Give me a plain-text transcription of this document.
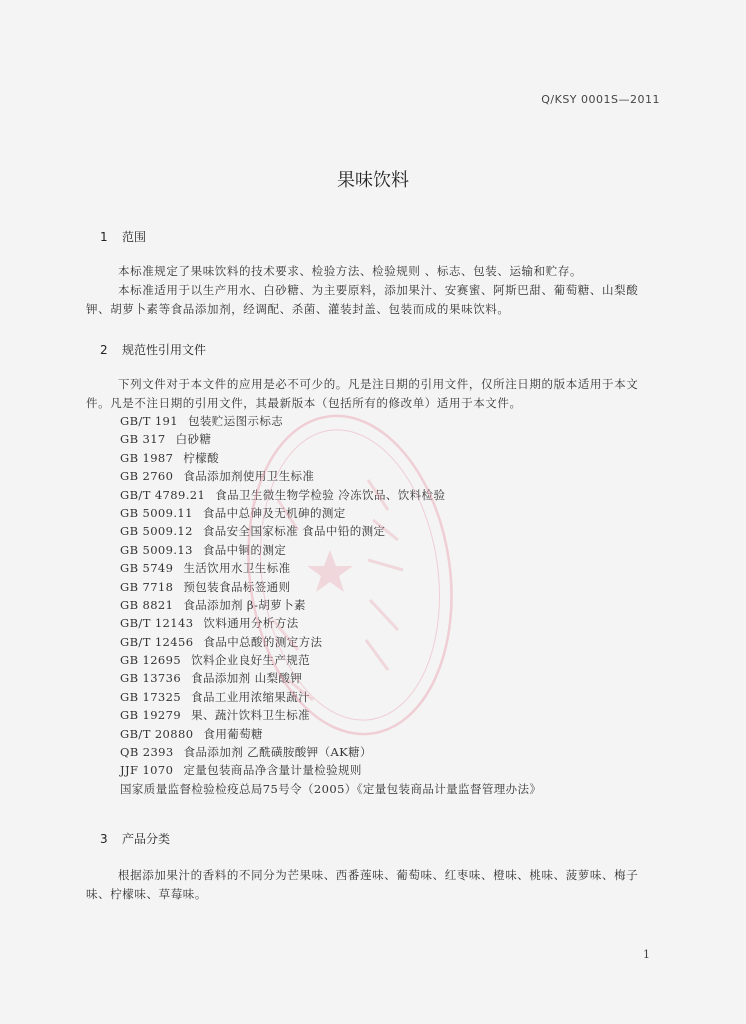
Q/KSY 0001S—2011
果味饮料
1 范围

本标准规定了果味饮料的技术要求、检验方法、检验规则 、标志、包装、运输和贮存。

本标准适用于以生产用水、白砂糖、为主要原料，添加果汁、安赛蜜、阿斯巴甜、葡萄糖、山梨酸钾、胡萝卜素等食品添加剂，经调配、杀菌、灌装封盖、包装而成的果味饮料。

2 规范性引用文件

下列文件对于本文件的应用是必不可少的。凡是注日期的引用文件，仅所注日期的版本适用于本文件。凡是不注日期的引用文件，其最新版本（包括所有的修改单）适用于本文件。

GB/T 191 包装贮运图示标志
GB 317 白砂糖
GB 1987 柠檬酸
GB 2760 食品添加剂使用卫生标准
GB/T 4789.21 食品卫生微生物学检验 冷冻饮品、饮料检验
GB 5009.11 食品中总砷及无机砷的测定
GB 5009.12 食品安全国家标准 食品中铅的测定
GB 5009.13 食品中铜的测定
GB 5749 生活饮用水卫生标准
GB 7718 预包装食品标签通则
GB 8821 食品添加剂 β-胡萝卜素
GB/T 12143 饮料通用分析方法
GB/T 12456 食品中总酸的测定方法
GB 12695 饮料企业良好生产规范
GB 13736 食品添加剂 山梨酸钾
GB 17325 食品工业用浓缩果蔬汁
GB 19279 果、蔬汁饮料卫生标准
GB/T 20880 食用葡萄糖
QB 2393 食品添加剂 乙酰磺胺酸钾（AK糖）
JJF 1070 定量包装商品净含量计量检验规则
国家质量监督检验检疫总局75号令（2005）《定量包装商品计量监督管理办法》
3 产品分类

根据添加果汁的香料的不同分为芒果味、西番莲味、葡萄味、红枣味、橙味、桃味、菠萝味、梅子味、柠檬味、草莓味。

1
